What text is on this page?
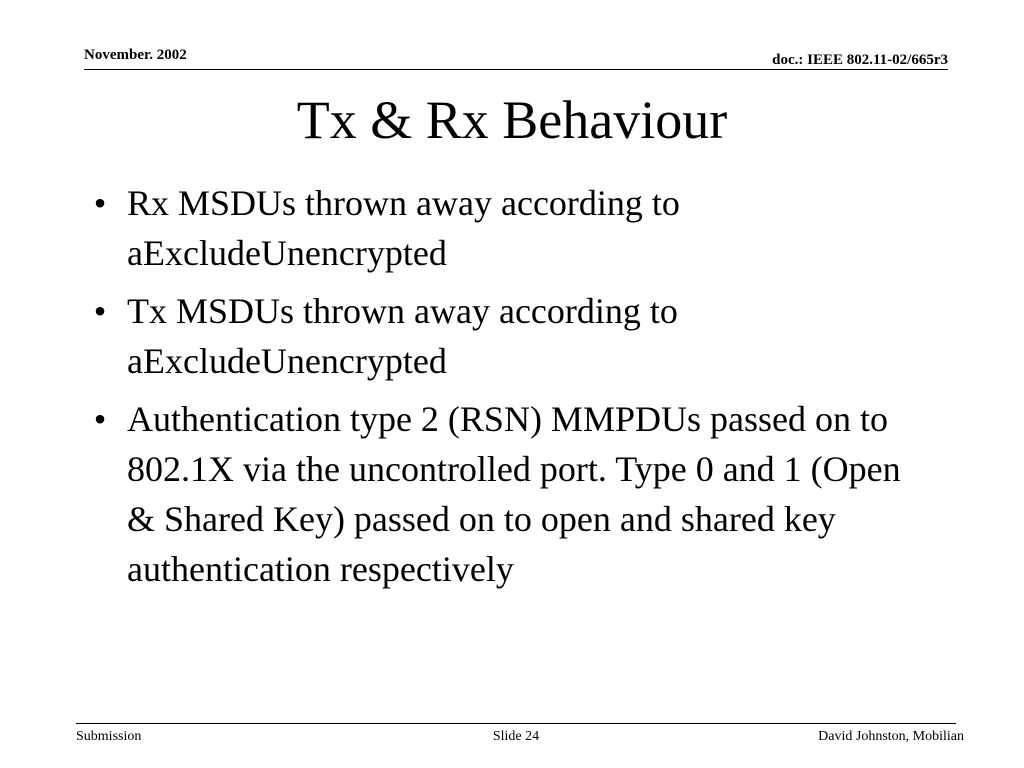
November. 2002	doc.: IEEE 802.11-02/665r3
Tx & Rx Behaviour
• Rx MSDUs thrown away according to aExcludeUnencrypted
• Tx MSDUs thrown away according to aExcludeUnencrypted
• Authentication type 2 (RSN) MMPDUs passed on to 802.1X via the uncontrolled port. Type 0 and 1 (Open & Shared Key) passed on to open and shared key authentication respectively
Submission	Slide 24	David Johnston, Mobilian
